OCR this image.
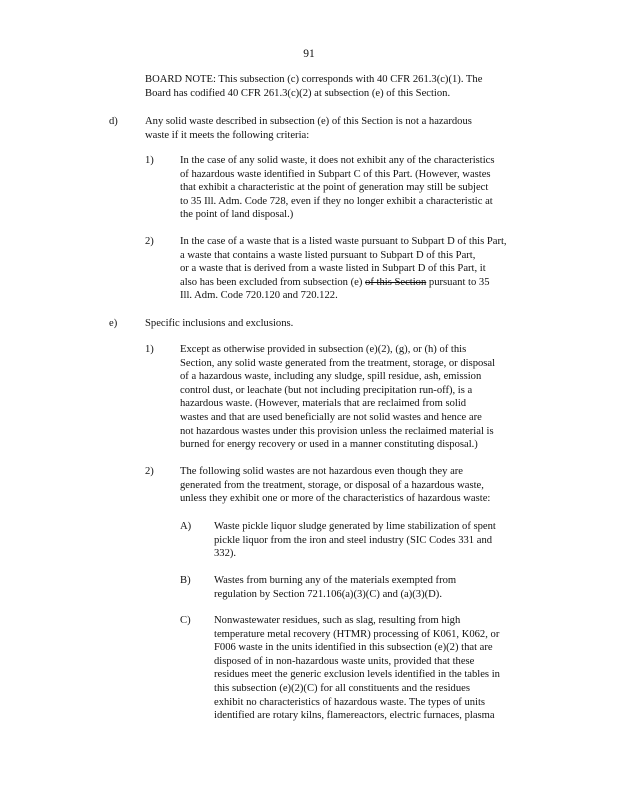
91
BOARD NOTE: This subsection (c) corresponds with 40 CFR 261.3(c)(1). The
Board has codified 40 CFR 261.3(c)(2) at subsection (e) of this Section.
d)	Any solid waste described in subsection (e) of this Section is not a hazardous
waste if it meets the following criteria:
1) In the case of any solid waste, it does not exhibit any of the characteristics
of hazardous waste identified in Subpart C of this Part. (However, wastes
that exhibit a characteristic at the point of generation may still be subject
to 35 Ill. Adm. Code 728, even if they no longer exhibit a characteristic at
the point of land disposal.)
2) In the case of a waste that is a listed waste pursuant to Subpart D of this Part,
a waste that contains a waste listed pursuant to Subpart D of this Part,
or a waste that is derived from a waste listed in Subpart D of this Part, it
also has been excluded from subsection (e) of this Section pursuant to 35
Ill. Adm. Code 720.120 and 720.122.
e)	Specific inclusions and exclusions.
1) Except as otherwise provided in subsection (e)(2), (g), or (h) of this
Section, any solid waste generated from the treatment, storage, or disposal
of a hazardous waste, including any sludge, spill residue, ash, emission
control dust, or leachate (but not including precipitation run-off), is a
hazardous waste. (However, materials that are reclaimed from solid
wastes and that are used beneficially are not solid wastes and hence are
not hazardous wastes under this provision unless the reclaimed material is
burned for energy recovery or used in a manner constituting disposal.)
2) The following solid wastes are not hazardous even though they are
generated from the treatment, storage, or disposal of a hazardous waste,
unless they exhibit one or more of the characteristics of hazardous waste:
A) Waste pickle liquor sludge generated by lime stabilization of spent
pickle liquor from the iron and steel industry (SIC Codes 331 and
332).
B) Wastes from burning any of the materials exempted from
regulation by Section 721.106(a)(3)(C) and (a)(3)(D).
C) Nonwastewater residues, such as slag, resulting from high
temperature metal recovery (HTMR) processing of K061, K062, or
F006 waste in the units identified in this subsection (e)(2) that are
disposed of in non-hazardous waste units, provided that these
residues meet the generic exclusion levels identified in the tables in
this subsection (e)(2)(C) for all constituents and the residues
exhibit no characteristics of hazardous waste. The types of units
identified are rotary kilns, flamereactors, electric furnaces, plasma
